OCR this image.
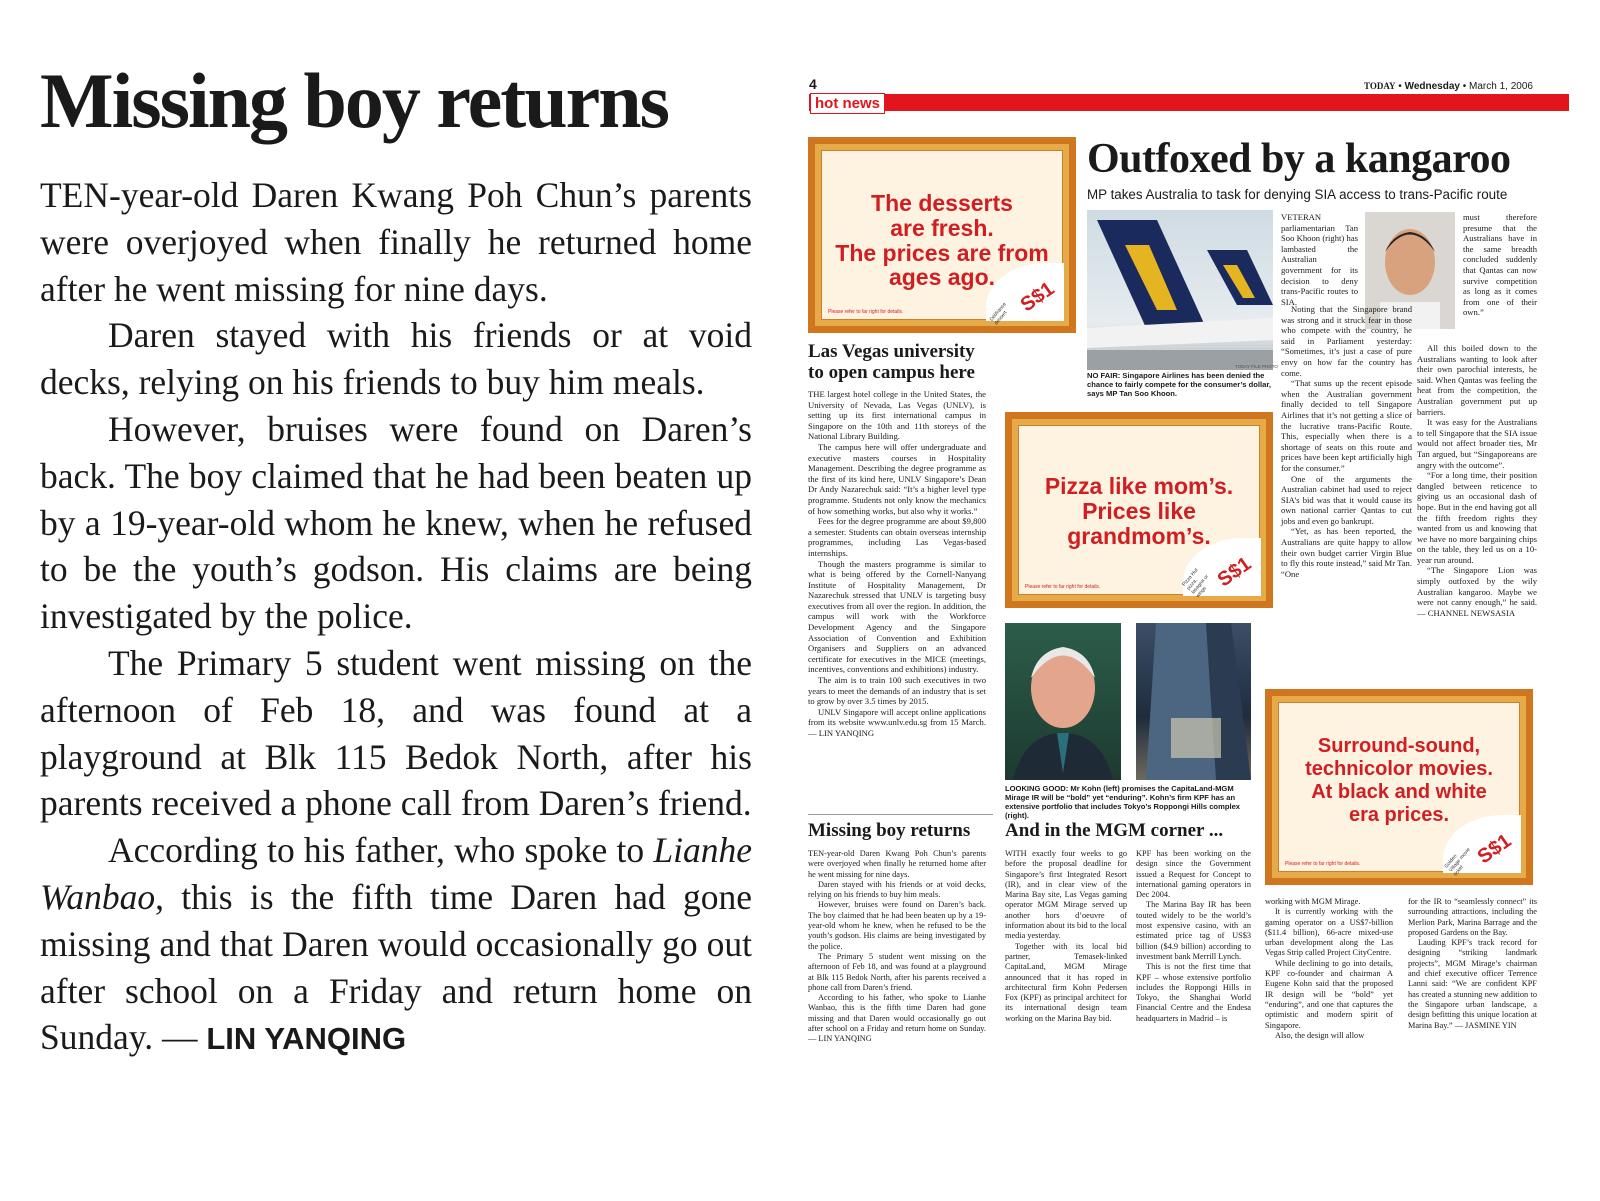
Missing boy returns

TEN-year-old Daren Kwang Poh Chun’s parents were overjoyed when finally he returned home after he went missing for nine days.

Daren stayed with his friends or at void decks, relying on his friends to buy him meals.

However, bruises were found on Daren’s back. The boy claimed that he had been beaten up by a 19-year-old whom he knew, when he refused to be the youth’s godson. His claims are being investigated by the police.

The Primary 5 student went missing on the afternoon of Feb 18, and was found at a playground at Blk 115 Bedok North, after his parents received a phone call from Daren’s friend.

According to his father, who spoke to Lianhe Wanbao, this is the fifth time Daren had gone missing and that Daren would occasionally go out after school on a Friday and return home on Sunday. — LIN YANQING

4	TODAY • Wednesday • March 1, 2006
hot news
The desserts
are fresh.
The prices are from
ages ago.
Please refer to far right for details.	Délifrance dessert
S$1
Las Vegas university
to open campus here

THE largest hotel college in the United States, the University of Nevada, Las Vegas (UNLV), is setting up its first international campus in Singapore on the 10th and 11th storeys of the National Library Building.

The campus here will offer undergraduate and executive masters courses in Hospitality Management. Describing the degree programme as the first of its kind here, UNLV Singapore’s Dean Dr Andy Nazarechuk said: “It’s a higher level type programme. Students not only know the mechanics of how something works, but also why it works.”

Fees for the degree programme are about $9,800 a semester. Students can obtain overseas internship programmes, including Las Vegas-based internships.

Though the masters programme is similar to what is being offered by the Cornell-Nanyang Institute of Hospitality Management, Dr Nazarechuk stressed that UNLV is targeting busy executives from all over the region. In addition, the campus will work with the Workforce Development Agency and the Singapore Association of Convention and Exhibition Organisers and Suppliers on an advanced certificate for executives in the MICE (meetings, incentives, conventions and exhibitions) industry.

The aim is to train 100 such executives in two years to meet the demands of an industry that is set to grow by over 3.5 times by 2015.

UNLV Singapore will accept online applications from its website www.unlv.edu.sg from 15 March. — LIN YANQING

Outfoxed by a kangaroo
MP takes Australia to task for denying SIA access to trans-Pacific route
TODAY FILE PHOTO
NO FAIR: Singapore Airlines has been denied the chance to fairly compete for the consumer’s dollar, says MP Tan Soo Khoon.

VETERAN parliamentarian Tan Soo Khoon (right) has lambasted the Australian government for its decision to deny trans-Pacific routes to SIA.

Noting that the Singapore brand was strong and it struck fear in those who compete with the country, he said in Parliament yesterday: “Sometimes, it’s just a case of pure envy on how far the country has come.

“That sums up the recent episode when the Australian government finally decided to tell Singapore Airlines that it’s not getting a slice of the lucrative trans-Pacific Route. This, especially when there is a shortage of seats on this route and prices have been kept artificially high for the consumer.”

One of the arguments the Australian cabinet had used to reject SIA’s bid was that it would cause its own national carrier Qantas to cut jobs and even go bankrupt.

“Yet, as has been reported, the Australians are quite happy to allow their own budget carrier Virgin Blue to fly this route instead,” said Mr Tan. “One

must therefore presume that the Australians have in the same breadth concluded suddenly that Qantas can now survive competition as long as it comes from one of their own.”

All this boiled down to the Australians wanting to look after their own parochial interests, he said. When Qantas was feeling the heat from the competition, the Australian government put up barriers.

It was easy for the Australians to tell Singapore that the SIA issue would not affect broader ties, Mr Tan argued, but “Singaporeans are angry with the outcome”.

“For a long time, their position dangled between reticence to giving us an occasional dash of hope. But in the end having got all the fifth freedom rights they wanted from us and knowing that we have no more bargaining chips on the table, they led us on a 10-year run around.

“The Singapore Lion was simply outfoxed by the wily Australian kangaroo. Maybe we were not canny enough,” he said. — CHANNEL NEWSASIA

Pizza like mom’s.
Prices like
grandmom’s.
Please refer to far right for details.	Pizza Hut pizza, lasagna or wings
S$1
LOOKING GOOD: Mr Kohn (left) promises the CapitaLand-MGM Mirage IR will be “bold” yet “enduring”. Kohn’s firm KPF has an extensive portfolio that includes Tokyo’s Roppongi Hills complex (right).
Surround-sound,
technicolor movies.
At black and white
era prices.
Please refer to far right for details.	Golden Village movie ticket
S$1
Missing boy returns

TEN-year-old Daren Kwang Poh Chun’s parents were overjoyed when finally he returned home after he went missing for nine days.

Daren stayed with his friends or at void decks, relying on his friends to buy him meals.

However, bruises were found on Daren’s back. The boy claimed that he had been beaten up by a 19-year-old whom he knew, when he refused to be the youth’s godson. His claims are being investigated by the police.

The Primary 5 student went missing on the afternoon of Feb 18, and was found at a playground at Blk 115 Bedok North, after his parents received a phone call from Daren’s friend.

According to his father, who spoke to Lianhe Wanbao, this is the fifth time Daren had gone missing and that Daren would occasionally go out after school on a Friday and return home on Sunday. — LIN YANQING

And in the MGM corner ...

WITH exactly four weeks to go before the proposal deadline for Singapore’s first Integrated Resort (IR), and in clear view of the Marina Bay site, Las Vegas gaming operator MGM Mirage served up another hors d’oeuvre of information about its bid to the local media yesterday.

Together with its local bid partner, Temasek-linked CapitaLand, MGM Mirage announced that it has roped in architectural firm Kohn Pedersen Fox (KPF) as principal architect for its international design team working on the Marina Bay bid.

KPF has been working on the design since the Government issued a Request for Concept to international gaming operators in Dec 2004.

The Marina Bay IR has been touted widely to be the world’s most expensive casino, with an estimated price tag of US$3 billion ($4.9 billion) according to investment bank Merrill Lynch.

This is not the first time that KPF – whose extensive portfolio includes the Roppongi Hills in Tokyo, the Shanghai World Financial Centre and the Endesa headquarters in Madrid – is

working with MGM Mirage.

It is currently working with the gaming operator on a US$7-billion ($11.4 billion), 66-acre mixed-use urban development along the Las Vegas Strip called Project CityCentre.

While declining to go into details, KPF co-founder and chairman A Eugene Kohn said that the proposed IR design will be “bold” yet “enduring”, and one that captures the optimistic and modern spirit of Singapore.

Also, the design will allow

for the IR to “seamlessly connect” its surrounding attractions, including the Merlion Park, Marina Barrage and the proposed Gardens on the Bay.

Lauding KPF’s track record for designing “striking landmark projects”, MGM Mirage’s chairman and chief executive officer Terrence Lanni said: “We are confident KPF has created a stunning new addition to the Singapore urban landscape, a design befitting this unique location at Marina Bay.” — JASMINE YIN
